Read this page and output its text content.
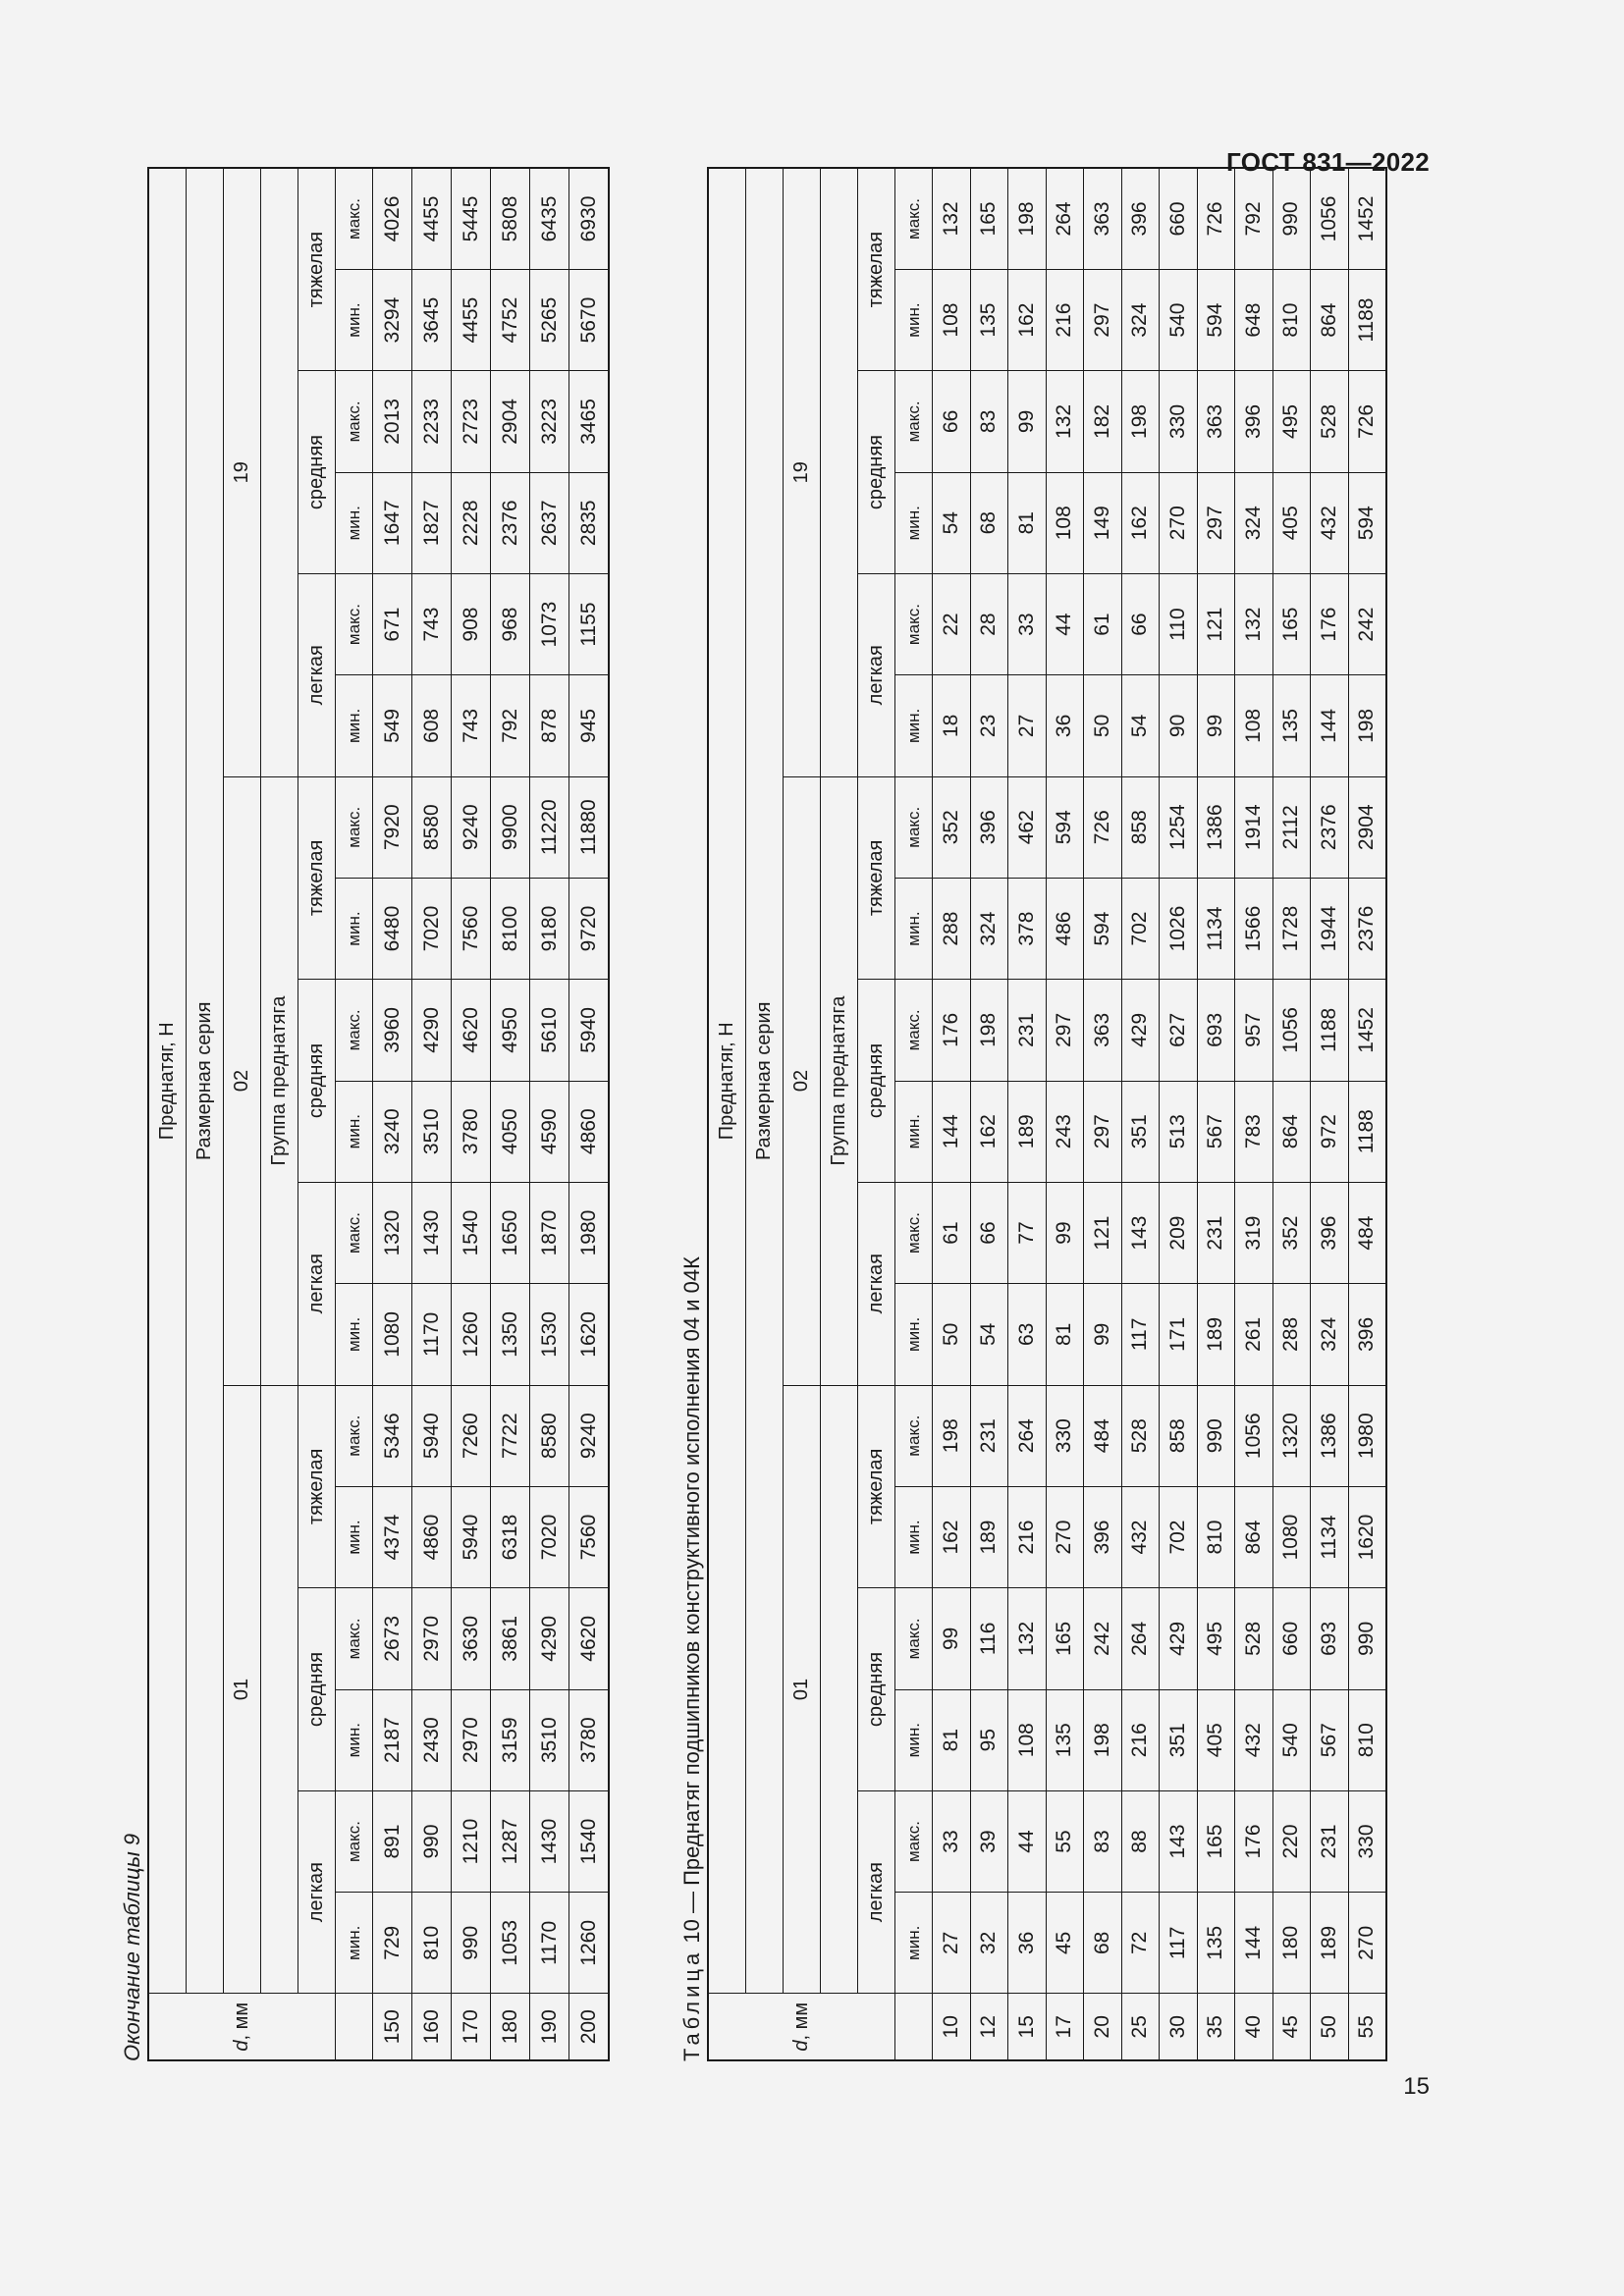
ГОСТ 831—2022
15
Окончание таблицы 9	d, мм	Преднатяг, Н																	
	Размерная серия																	
	01						02						19					
							Группа преднатяга											
	легкая		средняя		тяжелая		легкая		средняя		тяжелая		легкая		средняя		тяжелая	
	мин.	макс.	мин.	макс.	мин.	макс.	мин.	макс.	мин.	макс.	мин.	макс.	мин.	макс.	мин.	макс.	мин.	макс.
150	729	891	2187	2673	4374	5346	1080	1320	3240	3960	6480	7920	549	671	1647	2013	3294	4026
160	810	990	2430	2970	4860	5940	1170	1430	3510	4290	7020	8580	608	743	1827	2233	3645	4455
170	990	1210	2970	3630	5940	7260	1260	1540	3780	4620	7560	9240	743	908	2228	2723	4455	5445
180	1053	1287	3159	3861	6318	7722	1350	1650	4050	4950	8100	9900	792	968	2376	2904	4752	5808
190	1170	1430	3510	4290	7020	8580	1530	1870	4590	5610	9180	11220	878	1073	2637	3223	5265	6435
200	1260	1540	3780	4620	7560	9240	1620	1980	4860	5940	9720	11880	945	1155	2835	3465	5670	6930
Таблица 10 — Преднатяг подшипников конструктивного исполнения 04 и 04К
d, мм	Преднатяг, Н																	
	Размерная серия																	
	01						02						19					
							Группа преднатяга											
	легкая		средняя		тяжелая		легкая		средняя		тяжелая		легкая		средняя		тяжелая	
	мин.	макс.	мин.	макс.	мин.	макс.	мин.	макс.	мин.	макс.	мин.	макс.	мин.	макс.	мин.	макс.	мин.	макс.
10	27	33	81	99	162	198	50	61	144	176	288	352	18	22	54	66	108	132
12	32	39	95	116	189	231	54	66	162	198	324	396	23	28	68	83	135	165
15	36	44	108	132	216	264	63	77	189	231	378	462	27	33	81	99	162	198
17	45	55	135	165	270	330	81	99	243	297	486	594	36	44	108	132	216	264
20	68	83	198	242	396	484	99	121	297	363	594	726	50	61	149	182	297	363
25	72	88	216	264	432	528	117	143	351	429	702	858	54	66	162	198	324	396
30	117	143	351	429	702	858	171	209	513	627	1026	1254	90	110	270	330	540	660
35	135	165	405	495	810	990	189	231	567	693	1134	1386	99	121	297	363	594	726
40	144	176	432	528	864	1056	261	319	783	957	1566	1914	108	132	324	396	648	792
45	180	220	540	660	1080	1320	288	352	864	1056	1728	2112	135	165	405	495	810	990
50	189	231	567	693	1134	1386	324	396	972	1188	1944	2376	144	176	432	528	864	1056
55	270	330	810	990	1620	1980	396	484	1188	1452	2376	2904	198	242	594	726	1188	1452
